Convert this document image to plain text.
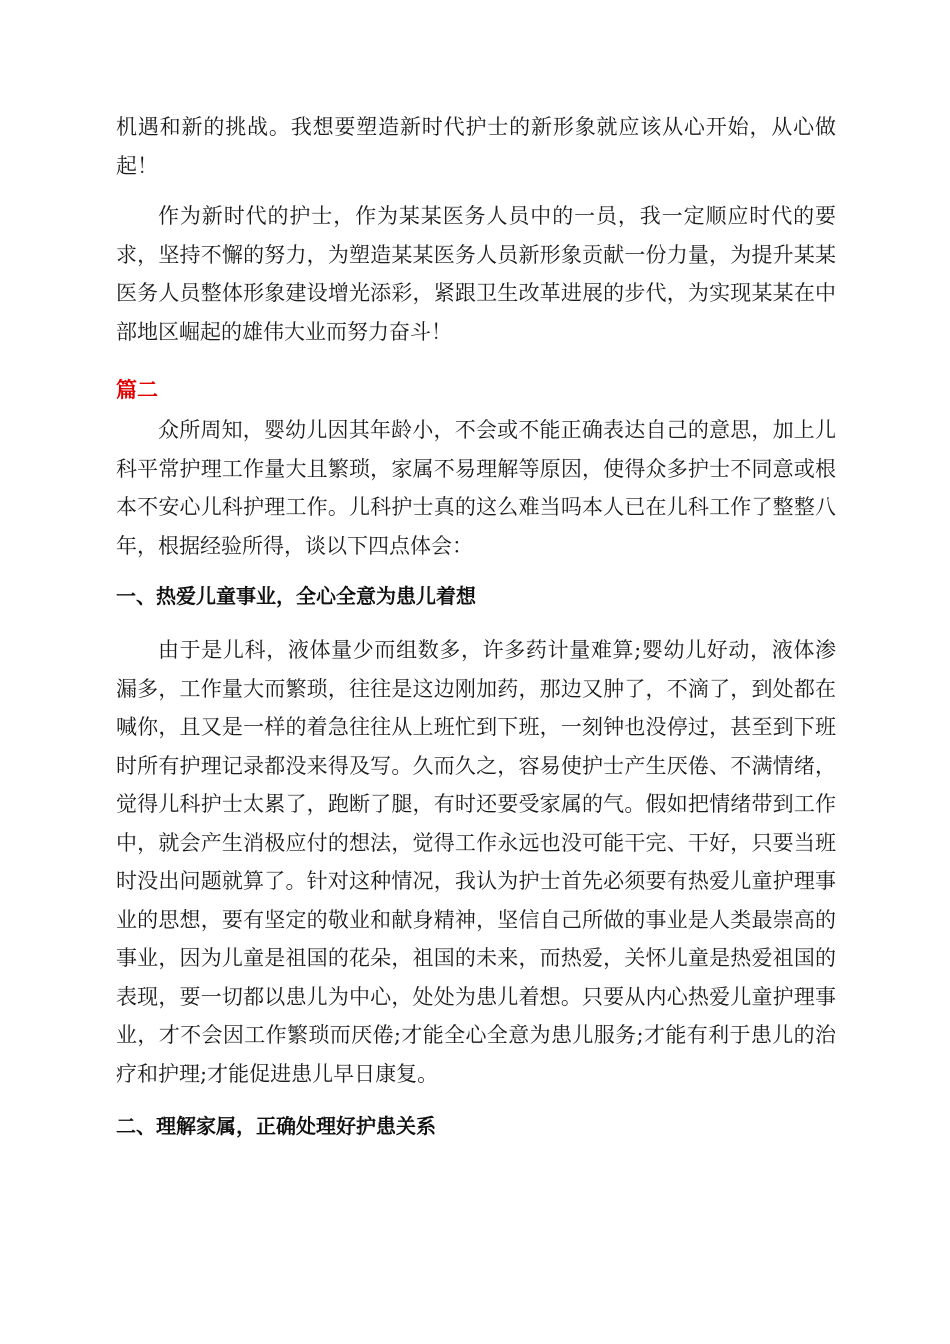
机遇和新的挑战。我想要塑造新时代护士的新形象就应该从心开始，从心做起！

作为新时代的护士，作为某某医务人员中的一员，我一定顺应时代的要求，坚持不懈的努力，为塑造某某医务人员新形象贡献一份力量，为提升某某医务人员整体形象建设增光添彩，紧跟卫生改革进展的步代，为实现某某在中部地区崛起的雄伟大业而努力奋斗！

篇二

众所周知，婴幼儿因其年龄小，不会或不能正确表达自己的意思，加上儿科平常护理工作量大且繁琐，家属不易理解等原因，使得众多护士不同意或根本不安心儿科护理工作。儿科护士真的这么难当吗本人已在儿科工作了整整八年，根据经验所得，谈以下四点体会：

一、热爱儿童事业，全心全意为患儿着想

由于是儿科，液体量少而组数多，许多药计量难算;婴幼儿好动，液体渗漏多，工作量大而繁琐，往往是这边刚加药，那边又肿了，不滴了，到处都在喊你，且又是一样的着急往往从上班忙到下班，一刻钟也没停过，甚至到下班时所有护理记录都没来得及写。久而久之，容易使护士产生厌倦、不满情绪，觉得儿科护士太累了，跑断了腿，有时还要受家属的气。假如把情绪带到工作中，就会产生消极应付的想法，觉得工作永远也没可能干完、干好，只要当班时没出问题就算了。针对这种情况，我认为护士首先必须要有热爱儿童护理事业的思想，要有坚定的敬业和献身精神，坚信自己所做的事业是人类最崇高的事业，因为儿童是祖国的花朵，祖国的未来，而热爱，关怀儿童是热爱祖国的表现，要一切都以患儿为中心，处处为患儿着想。只要从内心热爱儿童护理事业，才不会因工作繁琐而厌倦;才能全心全意为患儿服务;才能有利于患儿的治疗和护理;才能促进患儿早日康复。

二、理解家属，正确处理好护患关系
